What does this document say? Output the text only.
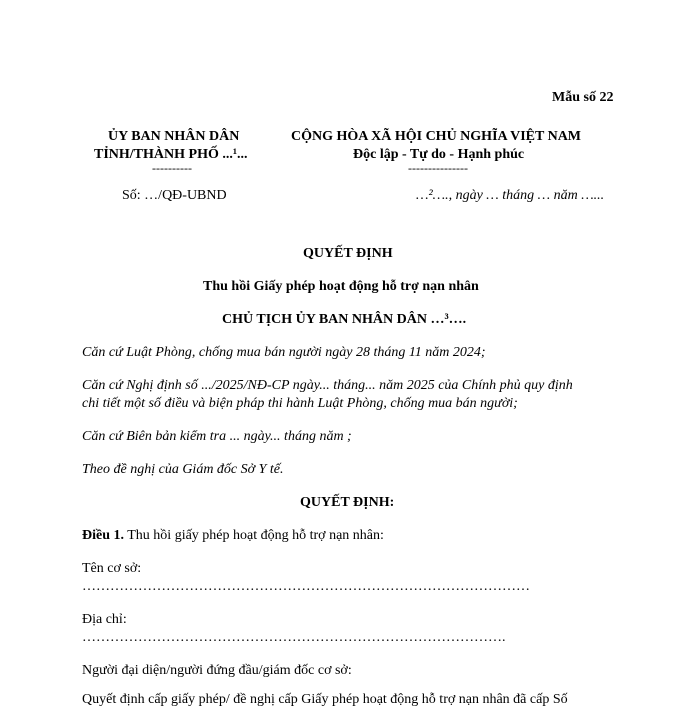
Mẫu số 22
ỦY BAN NHÂN DÂN
TỈNH/THÀNH PHỐ ...¹...
----------
Số: …/QĐ-UBND
CỘNG HÒA XÃ HỘI CHỦ NGHĨA VIỆT NAM
Độc lập - Tự do - Hạnh phúc
---------------
…²…., ngày … tháng … năm …...
QUYẾT ĐỊNH
Thu hồi Giấy phép hoạt động hỗ trợ nạn nhân
CHỦ TỊCH ỦY BAN NHÂN DÂN …³….
Căn cứ Luật Phòng, chống mua bán người ngày 28 tháng 11 năm 2024;
Căn cứ Nghị định số .../2025/NĐ-CP ngày... tháng... năm 2025 của Chính phủ quy định
chi tiết một số điều và biện pháp thi hành Luật Phòng, chống mua bán người;
Căn cứ Biên bản kiểm tra ... ngày... tháng năm ;
Theo đề nghị của Giám đốc Sở Y tế.
QUYẾT ĐỊNH:
Điều 1. Thu hồi giấy phép hoạt động hỗ trợ nạn nhân:
Tên cơ sở:
……………………………………………………………………………………
Địa chỉ:
……………………………………………………………………………….
Người đại diện/người đứng đầu/giám đốc cơ sở:
Quyết định cấp giấy phép/ đề nghị cấp Giấy phép hoạt động hỗ trợ nạn nhân đã cấp Số
